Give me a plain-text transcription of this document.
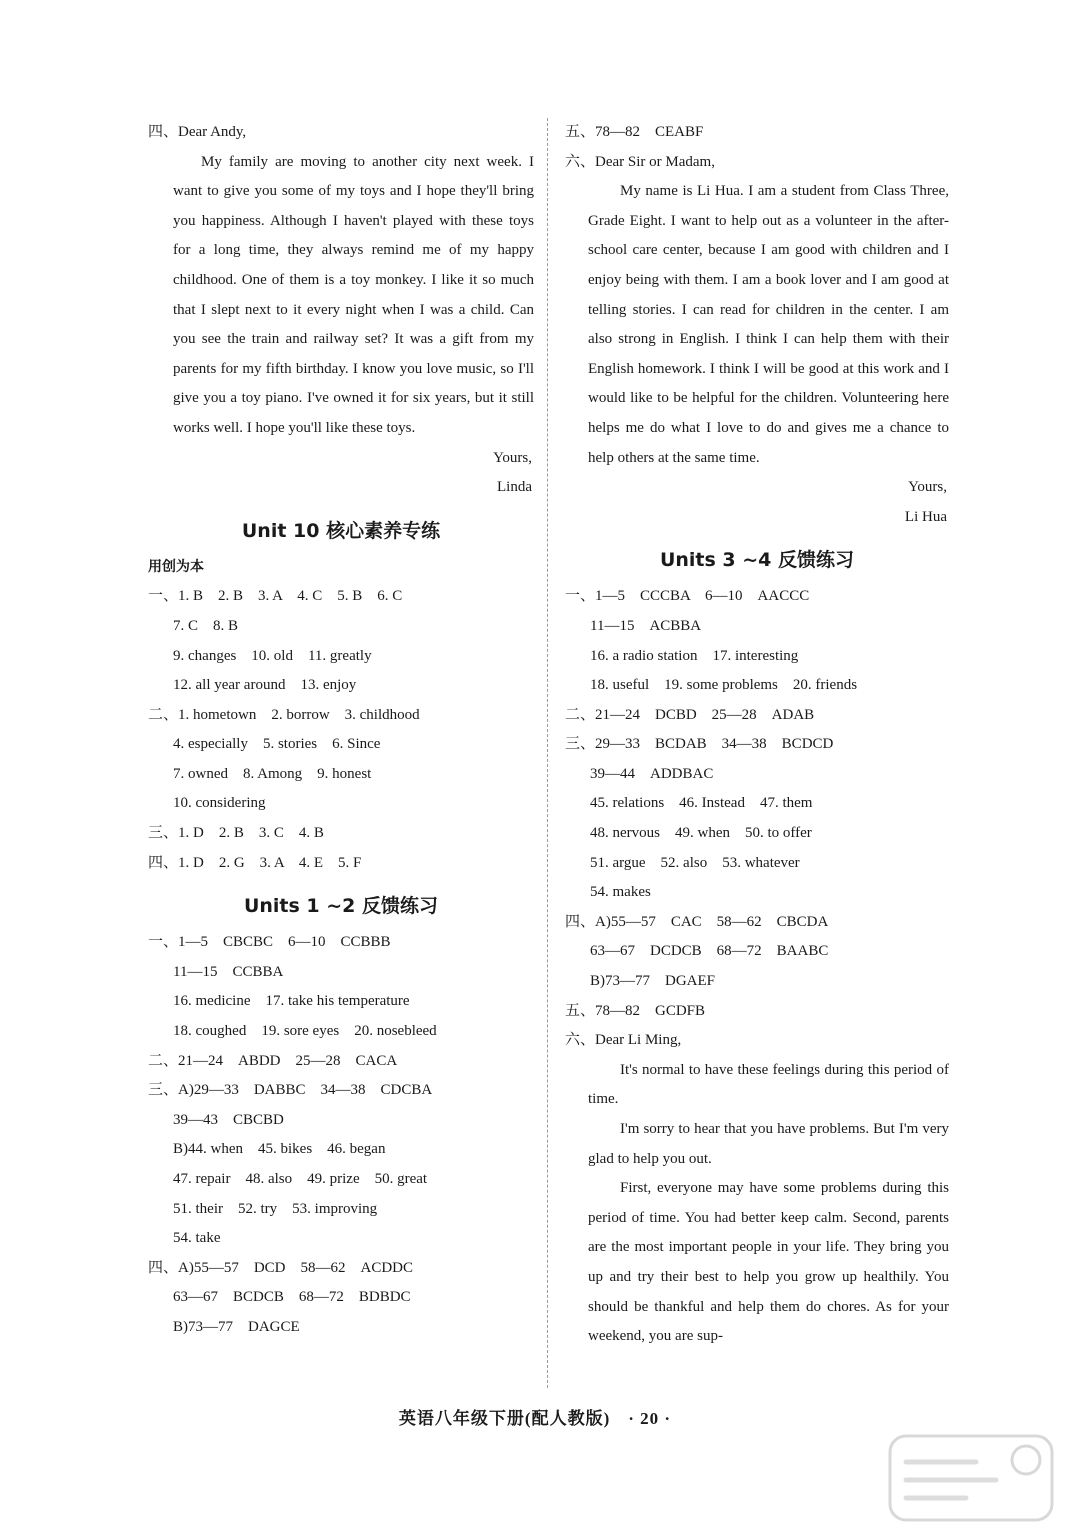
四、Dear Andy,
My family are moving to another city next week. I want to give you some of my toys and I hope they'll bring you happiness. Although I haven't played with these toys for a long time, they always remind me of my happy childhood. One of them is a toy monkey. I like it so much that I slept next to it every night when I was a child. Can you see the train and railway set? It was a gift from my parents for my fifth birthday. I know you love music, so I'll give you a toy piano. I've owned it for six years, but it still works well. I hope you'll like these toys.
Yours,
Linda
Unit 10 核心素养专练
用创为本
一、1. B　2. B　3. A　4. C　5. B　6. C
7. C　8. B
9. changes　10. old　11. greatly
12. all year around　13. enjoy
二、1. hometown　2. borrow　3. childhood
4. especially　5. stories　6. Since
7. owned　8. Among　9. honest
10. considering
三、1. D　2. B　3. C　4. B
四、1. D　2. G　3. A　4. E　5. F
Units 1 ~2 反馈练习
一、1—5　CBCBC　6—10　CCBBB
11—15　CCBBA
16. medicine　17. take his temperature
18. coughed　19. sore eyes　20. nosebleed
二、21—24　ABDD　25—28　CACA
三、A)29—33　DABBC　34—38　CDCBA
39—43　CBCBD
B)44. when　45. bikes　46. began
47. repair　48. also　49. prize　50. great
51. their　52. try　53. improving
54. take
四、A)55—57　DCD　58—62　ACDDC
63—67　BCDCB　68—72　BDBDC
B)73—77　DAGCE
五、78—82　CEABF
六、Dear Sir or Madam,
My name is Li Hua. I am a student from Class Three, Grade Eight. I want to help out as a volunteer in the after-school care center, because I am good with children and I enjoy being with them. I am a book lover and I am good at telling stories. I can read for children in the center. I am also strong in English. I think I can help them with their English homework. I think I will be good at this work and I would like to be helpful for the children. Volunteering here helps me do what I love to do and gives me a chance to help others at the same time.
Yours,
Li Hua
Units 3 ~4 反馈练习
一、1—5　CCCBA　6—10　AACCC
11—15　ACBBA
16. a radio station　17. interesting
18. useful　19. some problems　20. friends
二、21—24　DCBD　25—28　ADAB
三、29—33　BCDAB　34—38　BCDCD
39—44　ADDBAC
45. relations　46. Instead　47. them
48. nervous　49. when　50. to offer
51. argue　52. also　53. whatever
54. makes
四、A)55—57　CAC　58—62　CBCDA
63—67　DCDCB　68—72　BAABC
B)73—77　DGAEF
五、78—82　GCDFB
六、Dear Li Ming,
It's normal to have these feelings during this period of time.
I'm sorry to hear that you have problems. But I'm very glad to help you out.
First, everyone may have some problems during this period of time. You had better keep calm. Second, parents are the most important people in your life. They bring you up and try their best to help you grow up healthily. You should be thankful and help them do chores. As for your weekend, you are sup-
英语八年级下册(配人教版)　· 20 ·
